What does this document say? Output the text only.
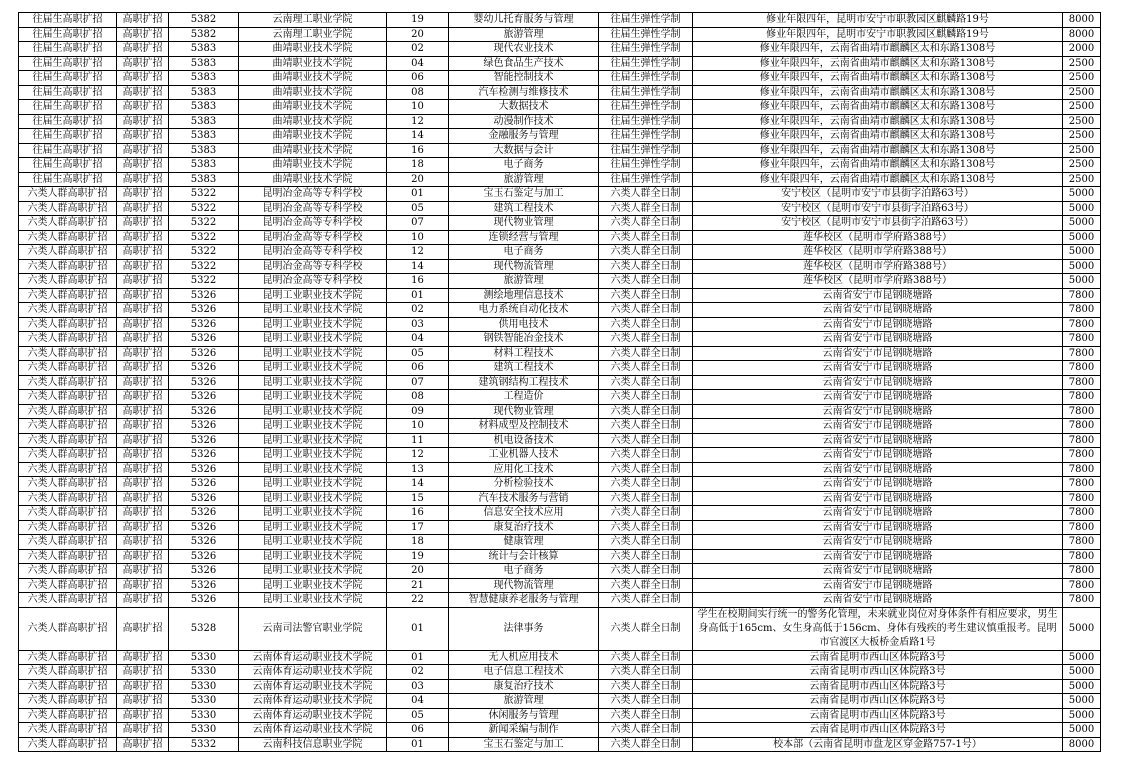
往届生高职扩招	高职扩招	5382	云南理工职业学院	19	婴幼儿托育服务与管理	往届生弹性学制	修业年限四年，昆明市安宁市职教园区麒麟路19号	8000
往届生高职扩招	高职扩招	5382	云南理工职业学院	20	旅游管理	往届生弹性学制	修业年限四年，昆明市安宁市职教园区麒麟路19号	8000
往届生高职扩招	高职扩招	5383	曲靖职业技术学院	02	现代农业技术	往届生弹性学制	修业年限四年，云南省曲靖市麒麟区太和东路1308号	2000
往届生高职扩招	高职扩招	5383	曲靖职业技术学院	04	绿色食品生产技术	往届生弹性学制	修业年限四年，云南省曲靖市麒麟区太和东路1308号	2500
往届生高职扩招	高职扩招	5383	曲靖职业技术学院	06	智能控制技术	往届生弹性学制	修业年限四年，云南省曲靖市麒麟区太和东路1308号	2500
往届生高职扩招	高职扩招	5383	曲靖职业技术学院	08	汽车检测与维修技术	往届生弹性学制	修业年限四年，云南省曲靖市麒麟区太和东路1308号	2500
往届生高职扩招	高职扩招	5383	曲靖职业技术学院	10	大数据技术	往届生弹性学制	修业年限四年，云南省曲靖市麒麟区太和东路1308号	2500
往届生高职扩招	高职扩招	5383	曲靖职业技术学院	12	动漫制作技术	往届生弹性学制	修业年限四年，云南省曲靖市麒麟区太和东路1308号	2500
往届生高职扩招	高职扩招	5383	曲靖职业技术学院	14	金融服务与管理	往届生弹性学制	修业年限四年，云南省曲靖市麒麟区太和东路1308号	2500
往届生高职扩招	高职扩招	5383	曲靖职业技术学院	16	大数据与会计	往届生弹性学制	修业年限四年，云南省曲靖市麒麟区太和东路1308号	2500
往届生高职扩招	高职扩招	5383	曲靖职业技术学院	18	电子商务	往届生弹性学制	修业年限四年，云南省曲靖市麒麟区太和东路1308号	2500
往届生高职扩招	高职扩招	5383	曲靖职业技术学院	20	旅游管理	往届生弹性学制	修业年限四年，云南省曲靖市麒麟区太和东路1308号	2500
六类人群高职扩招	高职扩招	5322	昆明冶金高等专科学校	01	宝玉石鉴定与加工	六类人群全日制	安宁校区（昆明市安宁市县街字泊路63号）	5000
六类人群高职扩招	高职扩招	5322	昆明冶金高等专科学校	05	建筑工程技术	六类人群全日制	安宁校区（昆明市安宁市县街字泊路63号）	5000
六类人群高职扩招	高职扩招	5322	昆明冶金高等专科学校	07	现代物业管理	六类人群全日制	安宁校区（昆明市安宁市县街字泊路63号）	5000
六类人群高职扩招	高职扩招	5322	昆明冶金高等专科学校	10	连锁经营与管理	六类人群全日制	莲华校区（昆明市学府路388号）	5000
六类人群高职扩招	高职扩招	5322	昆明冶金高等专科学校	12	电子商务	六类人群全日制	莲华校区（昆明市学府路388号）	5000
六类人群高职扩招	高职扩招	5322	昆明冶金高等专科学校	14	现代物流管理	六类人群全日制	莲华校区（昆明市学府路388号）	5000
六类人群高职扩招	高职扩招	5322	昆明冶金高等专科学校	16	旅游管理	六类人群全日制	莲华校区（昆明市学府路388号）	5000
六类人群高职扩招	高职扩招	5326	昆明工业职业技术学院	01	测绘地理信息技术	六类人群全日制	云南省安宁市昆钢晓塘路	7800
六类人群高职扩招	高职扩招	5326	昆明工业职业技术学院	02	电力系统自动化技术	六类人群全日制	云南省安宁市昆钢晓塘路	7800
六类人群高职扩招	高职扩招	5326	昆明工业职业技术学院	03	供用电技术	六类人群全日制	云南省安宁市昆钢晓塘路	7800
六类人群高职扩招	高职扩招	5326	昆明工业职业技术学院	04	钢铁智能冶金技术	六类人群全日制	云南省安宁市昆钢晓塘路	7800
六类人群高职扩招	高职扩招	5326	昆明工业职业技术学院	05	材料工程技术	六类人群全日制	云南省安宁市昆钢晓塘路	7800
六类人群高职扩招	高职扩招	5326	昆明工业职业技术学院	06	建筑工程技术	六类人群全日制	云南省安宁市昆钢晓塘路	7800
六类人群高职扩招	高职扩招	5326	昆明工业职业技术学院	07	建筑钢结构工程技术	六类人群全日制	云南省安宁市昆钢晓塘路	7800
六类人群高职扩招	高职扩招	5326	昆明工业职业技术学院	08	工程造价	六类人群全日制	云南省安宁市昆钢晓塘路	7800
六类人群高职扩招	高职扩招	5326	昆明工业职业技术学院	09	现代物业管理	六类人群全日制	云南省安宁市昆钢晓塘路	7800
六类人群高职扩招	高职扩招	5326	昆明工业职业技术学院	10	材料成型及控制技术	六类人群全日制	云南省安宁市昆钢晓塘路	7800
六类人群高职扩招	高职扩招	5326	昆明工业职业技术学院	11	机电设备技术	六类人群全日制	云南省安宁市昆钢晓塘路	7800
六类人群高职扩招	高职扩招	5326	昆明工业职业技术学院	12	工业机器人技术	六类人群全日制	云南省安宁市昆钢晓塘路	7800
六类人群高职扩招	高职扩招	5326	昆明工业职业技术学院	13	应用化工技术	六类人群全日制	云南省安宁市昆钢晓塘路	7800
六类人群高职扩招	高职扩招	5326	昆明工业职业技术学院	14	分析检验技术	六类人群全日制	云南省安宁市昆钢晓塘路	7800
六类人群高职扩招	高职扩招	5326	昆明工业职业技术学院	15	汽车技术服务与营销	六类人群全日制	云南省安宁市昆钢晓塘路	7800
六类人群高职扩招	高职扩招	5326	昆明工业职业技术学院	16	信息安全技术应用	六类人群全日制	云南省安宁市昆钢晓塘路	7800
六类人群高职扩招	高职扩招	5326	昆明工业职业技术学院	17	康复治疗技术	六类人群全日制	云南省安宁市昆钢晓塘路	7800
六类人群高职扩招	高职扩招	5326	昆明工业职业技术学院	18	健康管理	六类人群全日制	云南省安宁市昆钢晓塘路	7800
六类人群高职扩招	高职扩招	5326	昆明工业职业技术学院	19	统计与会计核算	六类人群全日制	云南省安宁市昆钢晓塘路	7800
六类人群高职扩招	高职扩招	5326	昆明工业职业技术学院	20	电子商务	六类人群全日制	云南省安宁市昆钢晓塘路	7800
六类人群高职扩招	高职扩招	5326	昆明工业职业技术学院	21	现代物流管理	六类人群全日制	云南省安宁市昆钢晓塘路	7800
六类人群高职扩招	高职扩招	5326	昆明工业职业技术学院	22	智慧健康养老服务与管理	六类人群全日制	云南省安宁市昆钢晓塘路	7800
六类人群高职扩招	高职扩招	5328	云南司法警官职业学院	01	法律事务	六类人群全日制	学生在校期间实行统一的警务化管理，未来就业岗位对身体条件有相应要求，男生身高低于165cm、女生身高低于156cm、身体有残疾的考生建议慎重报考。昆明市官渡区大板桥金盾路1号	5000
六类人群高职扩招	高职扩招	5330	云南体育运动职业技术学院	01	无人机应用技术	六类人群全日制	云南省昆明市西山区体院路3号	5000
六类人群高职扩招	高职扩招	5330	云南体育运动职业技术学院	02	电子信息工程技术	六类人群全日制	云南省昆明市西山区体院路3号	5000
六类人群高职扩招	高职扩招	5330	云南体育运动职业技术学院	03	康复治疗技术	六类人群全日制	云南省昆明市西山区体院路3号	5000
六类人群高职扩招	高职扩招	5330	云南体育运动职业技术学院	04	旅游管理	六类人群全日制	云南省昆明市西山区体院路3号	5000
六类人群高职扩招	高职扩招	5330	云南体育运动职业技术学院	05	休闲服务与管理	六类人群全日制	云南省昆明市西山区体院路3号	5000
六类人群高职扩招	高职扩招	5330	云南体育运动职业技术学院	06	新闻采编与制作	六类人群全日制	云南省昆明市西山区体院路3号	5000
六类人群高职扩招	高职扩招	5332	云南科技信息职业学院	01	宝玉石鉴定与加工	六类人群全日制	校本部（云南省昆明市盘龙区穿金路757-1号）	8000
